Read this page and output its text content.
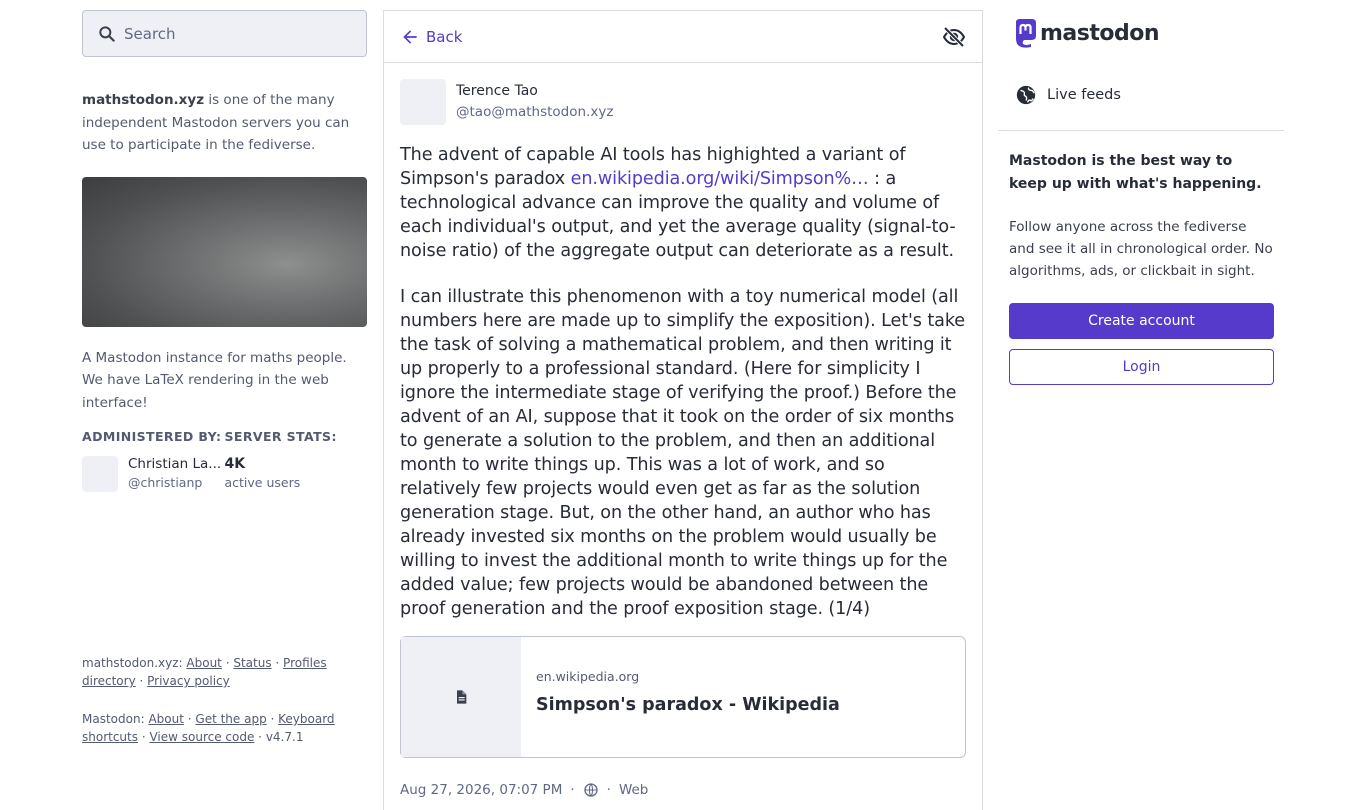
Search
mathstodon.xyz is one of the many independent Mastodon servers you can use to participate in the fediverse.
A Mastodon instance for maths people. We have LaTeX rendering in the web interface!
ADMINISTERED BY:
Christian La...
@christianp
SERVER STATS:
4K
active users
mathstodon.xyz: About · Status · Profiles directory · Privacy policy
Mastodon: About · Get the app · Keyboard shortcuts · View source code · v4.7.1
Back
Terence Tao
@tao@mathstodon.xyz

The advent of capable AI tools has highighted a variant of Simpson's paradox en.wikipedia.org/wiki/Simpson%… : a technological advance can improve the quality and volume of each individual's output, and yet the average quality (signal-to-noise ratio) of the aggregate output can deteriorate as a result.

I can illustrate this phenomenon with a toy numerical model (all numbers here are made up to simplify the exposition). Let's take the task of solving a mathematical problem, and then writing it up properly to a professional standard. (Here for simplicity I ignore the intermediate stage of verifying the proof.) Before the advent of an AI, suppose that it took on the order of six months to generate a solution to the problem, and then an additional month to write things up. This was a lot of work, and so relatively few projects would even get as far as the solution generation stage. But, on the other hand, an author who has already invested six months on the problem would usually be willing to invest the additional month to write things up for the added value; few projects would be abandoned between the proof generation and the proof exposition stage. (1/4)

en.wikipedia.org
Simpson's paradox - Wikipedia
Aug 27, 2026, 07:07 PM · · Web
mastodon
Live feeds
Mastodon is the best way to keep up with what's happening.
Follow anyone across the fediverse and see it all in chronological order. No algorithms, ads, or clickbait in sight.
Create account
Login
